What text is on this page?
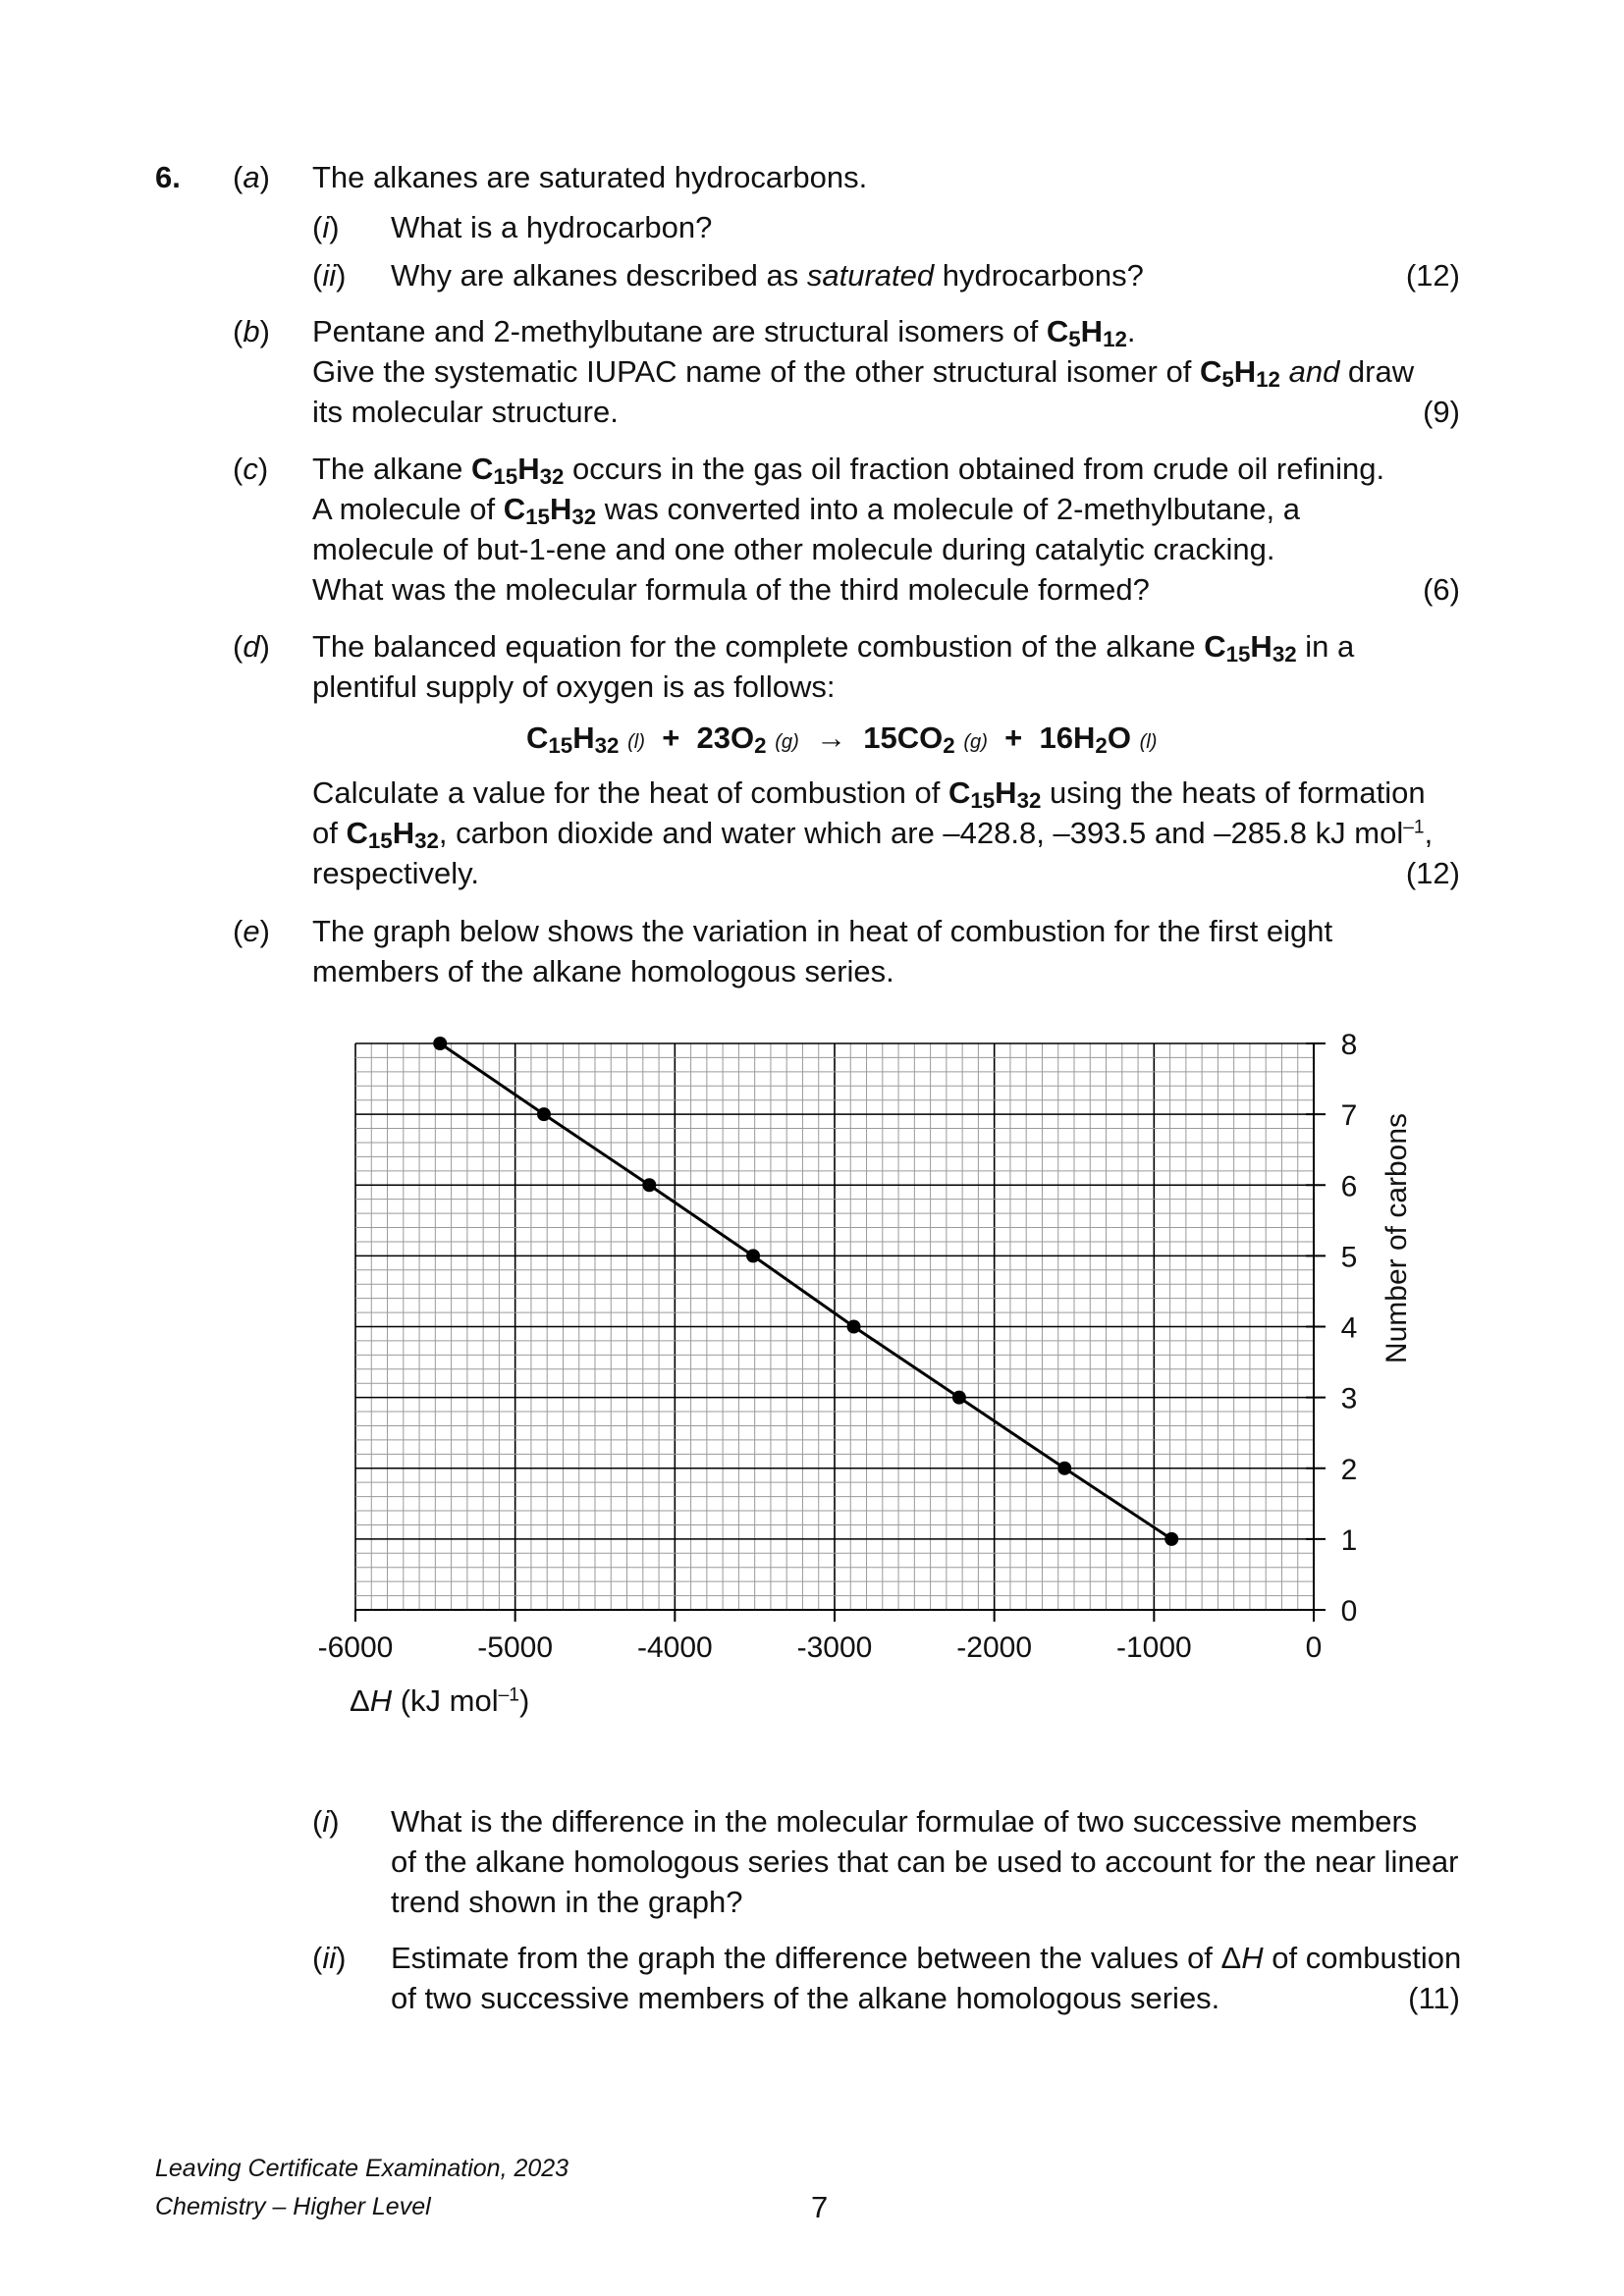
6. (a) The alkanes are saturated hydrocarbons.
(i) What is a hydrocarbon?
(ii) Why are alkanes described as saturated hydrocarbons?	(12)
(b) Pentane and 2-methylbutane are structural isomers of $C_5H_{12}$.
Give the systematic IUPAC name of the other structural isomer of $C_5H_{12}$ and draw
its molecular structure.	(9)
(c) The alkane $C_{15}H_{32}$ occurs in the gas oil fraction obtained from crude oil refining.
A molecule of $C_{15}H_{32}$ was converted into a molecule of 2-methylbutane, a
molecule of but-1-ene and one other molecule during catalytic cracking.
What was the molecular formula of the third molecule formed?	(6)
(d) The balanced equation for the complete combustion of the alkane $C_{15}H_{32}$ in a
plentiful supply of oxygen is as follows:
$C_{15}H_{32}$ $(l) + 23O_2$ $(g) \to 15CO_2$ $(g) + 16H_2O$ (l)
Calculate a value for the heat of combustion of $C_{15}H_{32}$ using the heats of formation
of $C_{15}H_{32}$, carbon dioxide and water which are –428.8, –393.5 and –285.8 kJ mol$^{-1}$,
respectively.	(12)
(e) The graph below shows the variation in heat of combustion for the first eight
members of the alkane homologous series.
-6000	-5000	-4000	-3000	-2000	-1000	0
0
1
2
3
4
5
6
7
8
Number of carbons
ΔH (kJ mol$^{-1}$)
(i) What is the difference in the molecular formulae of two successive members
of the alkane homologous series that can be used to account for the near linear
trend shown in the graph?
(ii) Estimate from the graph the difference between the values of ΔH of combustion
of two successive members of the alkane homologous series.	(11)
Leaving Certificate Examination, 2023
Chemistry – Higher Level	7
